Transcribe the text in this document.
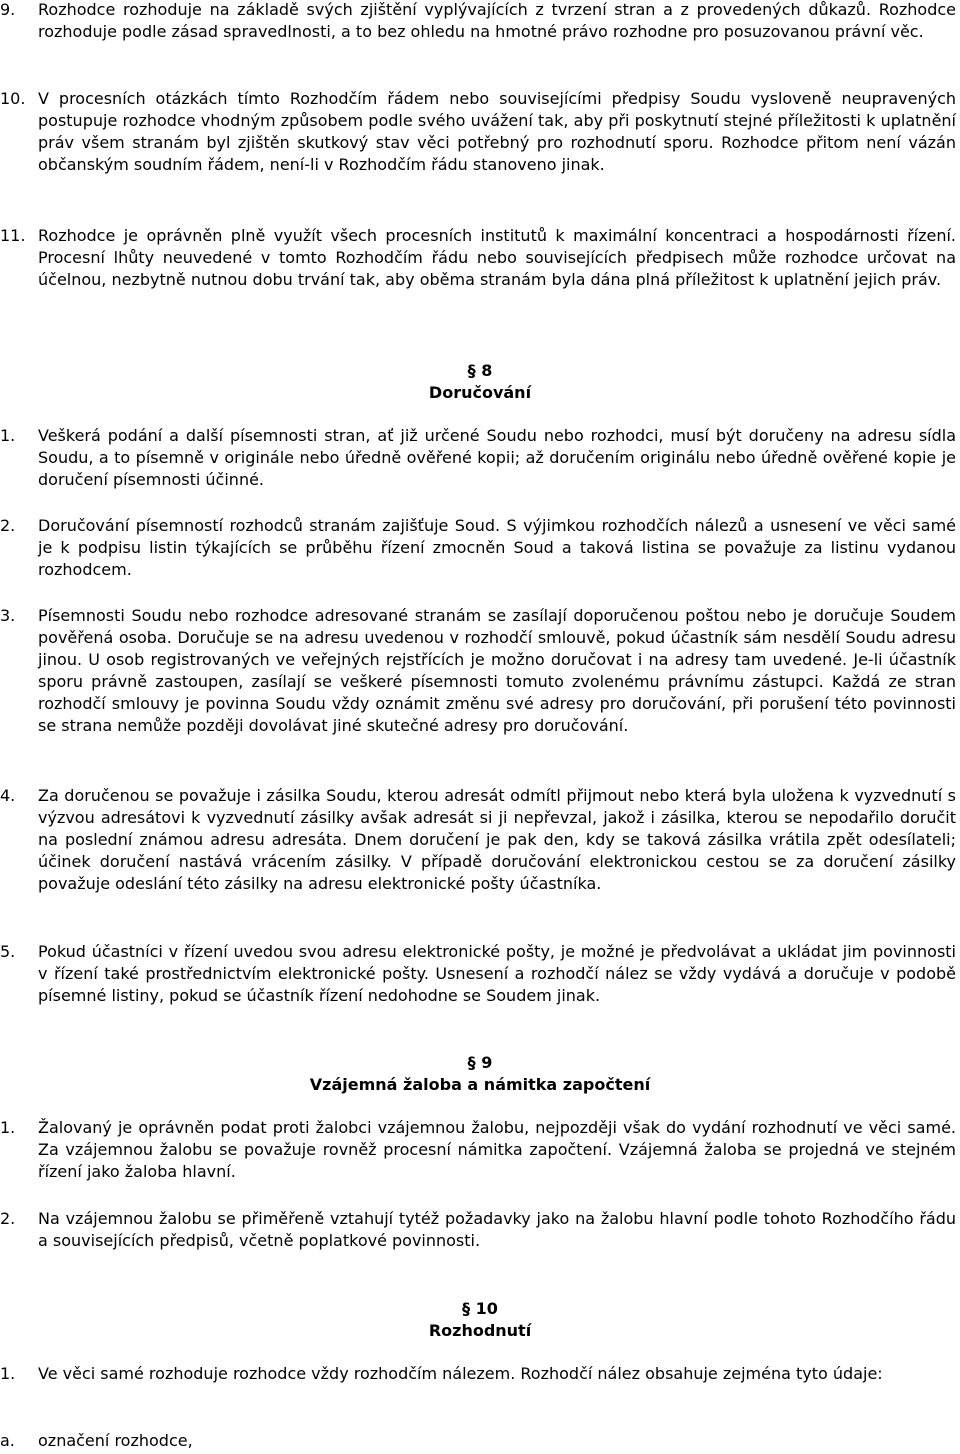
9.	Rozhodce rozhoduje na základě svých zjištění vyplývajících z tvrzení stran a z provedených důkazů. Rozhodce rozhoduje podle zásad spravedlnosti, a to bez ohledu na hmotné právo rozhodne pro posuzovanou právní věc.
10. V procesních otázkách tímto Rozhodčím řádem nebo souvisejícími předpisy Soudu vysloveně neupravených postupuje rozhodce vhodným způsobem podle svého uvážení tak, aby při poskytnutí stejné příležitosti k uplatnění práv všem stranám byl zjištěn skutkový stav věci potřebný pro rozhodnutí sporu. Rozhodce přitom není vázán občanským soudním řádem, není-li v Rozhodčím řádu stanoveno jinak.
11. Rozhodce je oprávněn plně využít všech procesních institutů k maximální koncentraci a hospodárnosti řízení. Procesní lhůty neuvedené v tomto Rozhodčím řádu nebo souvisejících předpisech může rozhodce určovat na účelnou, nezbytně nutnou dobu trvání tak, aby oběma stranám byla dána plná příležitost k uplatnění jejich práv.
§ 8
Doručování
1.	Veškerá podání a další písemnosti stran, ať již určené Soudu nebo rozhodci, musí být doručeny na adresu sídla Soudu, a to písemně v originále nebo úředně ověřené kopii; až doručením originálu nebo úředně ověřené kopie je doručení písemnosti účinné.
2.	Doručování písemností rozhodců stranám zajišťuje Soud. S výjimkou rozhodčích nálezů a usnesení ve věci samé je k podpisu listin týkajících se průběhu řízení zmocněn Soud a taková listina se považuje za listinu vydanou rozhodcem.
3.	Písemnosti Soudu nebo rozhodce adresované stranám se zasílají doporučenou poštou nebo je doručuje Soudem pověřená osoba. Doručuje se na adresu uvedenou v rozhodčí smlouvě, pokud účastník sám nesdělí Soudu adresu jinou. U osob registrovaných ve veřejných rejstřících je možno doručovat i na adresy tam uvedené. Je-li účastník sporu právně zastoupen, zasílají se veškeré písemnosti tomuto zvolenému právnímu zástupci. Každá ze stran rozhodčí smlouvy je povinna Soudu vždy oznámit změnu své adresy pro doručování, při porušení této povinnosti se strana nemůže později dovolávat jiné skutečné adresy pro doručování.
4.	Za doručenou se považuje i zásilka Soudu, kterou adresát odmítl přijmout nebo která byla uložena k vyzvednutí s výzvou adresátovi k vyzvednutí zásilky avšak adresát si ji nepřevzal, jakož i zásilka, kterou se nepodařilo doručit na poslední známou adresu adresáta. Dnem doručení je pak den, kdy se taková zásilka vrátila zpět odesílateli; účinek doručení nastává vrácením zásilky. V případě doručování elektronickou cestou se za doručení zásilky považuje odeslání této zásilky na adresu elektronické pošty účastníka.
5.	Pokud účastníci v řízení uvedou svou adresu elektronické pošty, je možné je předvolávat a ukládat jim povinnosti v řízení také prostřednictvím elektronické pošty. Usnesení a rozhodčí nález se vždy vydává a doručuje v podobě písemné listiny, pokud se účastník řízení nedohodne se Soudem jinak.
§ 9
Vzájemná žaloba a námitka započtení
1.	Žalovaný je oprávněn podat proti žalobci vzájemnou žalobu, nejpozději však do vydání rozhodnutí ve věci samé. Za vzájemnou žalobu se považuje rovněž procesní námitka započtení. Vzájemná žaloba se projedná ve stejném řízení jako žaloba hlavní.
2.	Na vzájemnou žalobu se přiměřeně vztahují tytéž požadavky jako na žalobu hlavní podle tohoto Rozhodčího řádu a souvisejících předpisů, včetně poplatkové povinnosti.
§ 10
Rozhodnutí
1.	Ve věci samé rozhoduje rozhodce vždy rozhodčím nálezem. Rozhodčí nález obsahuje zejména tyto údaje:
a.	označení rozhodce,
